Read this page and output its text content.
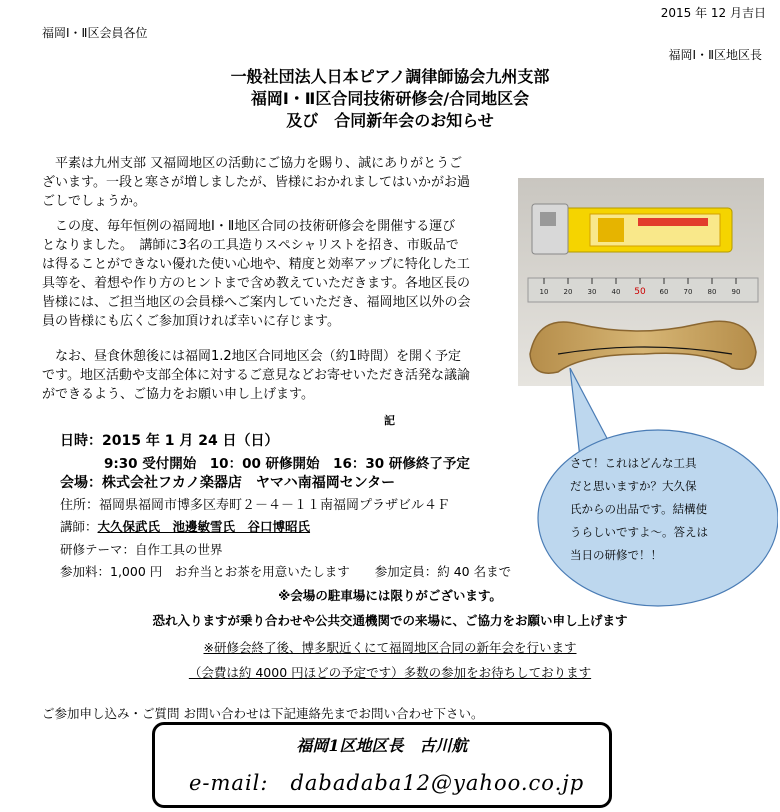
2015 年 12 月吉日
福岡Ⅰ・Ⅱ区会員各位
福岡Ⅰ・Ⅱ区地区長
一般社団法人日本ピアノ調律師協会九州支部
福岡Ⅰ・Ⅱ区合同技術研修会/合同地区会
及び　合同新年会のお知らせ
　平素は九州支部 又福岡地区の活動にご協力を賜り、誠にありがとうご
ざいます。一段と寒さが増しましたが、皆様におかれましてはいかがお過
ごしでしょうか。
　この度、毎年恒例の福岡地Ⅰ・Ⅱ地区合同の技術研修会を開催する運び
となりました。　講師に3名の工具造りスペシャリストを招き、市販品で
は得ることができない優れた使い心地や、精度と効率アップに特化した工
具等を、着想や作り方のヒントまで含め教えていただきます。各地区長の
皆様には、ご担当地区の会員様へご案内していただき、福岡地区以外の会
員の皆様にも広くご参加頂ければ幸いに存じます。
　なお、昼食休憩後には福岡1.2地区合同地区会（約1時間）を開く予定
です。地区活動や支部全体に対するご意見などお寄せいただき活発な議論
ができるよう、ご協力をお願い申し上げます。
記
日時：2015 年 1 月 24 日（日）
9:30 受付開始　10：00 研修開始　16：30 研修終了予定
会場：株式会社フカノ楽器店　ヤマハ南福岡センター
住所：福岡県福岡市博多区寿町２－４－１１南福岡プラザビル４Ｆ
講師：大久保武氏　池邊敏雪氏　谷口博昭氏
研修テーマ：自作工具の世界
参加料：1,000 円　お弁当とお茶を用意いたします　　参加定員：約 40 名まで
※会場の駐車場には限りがございます。
恐れ入りますが乗り合わせや公共交通機関での来場に、ご協力をお願い申し上げます
※研修会終了後、博多駅近くにて福岡地区合同の新年会を行います
（会費は約 4000 円ほどの予定です）多数の参加をお待ちしております
ご参加申し込み・ご質問 お問い合わせは下記連絡先までお問い合わせ下さい。
福岡1区地区長　古川航
e-mail:　dabadaba12@yahoo.co.jp
10 20 30 40 50 60 70 80 90
さて！これはどんな工具
だと思いますか？大久保
氏からの出品です。結構使
うらしいですよ～。答えは
当日の研修で！！
